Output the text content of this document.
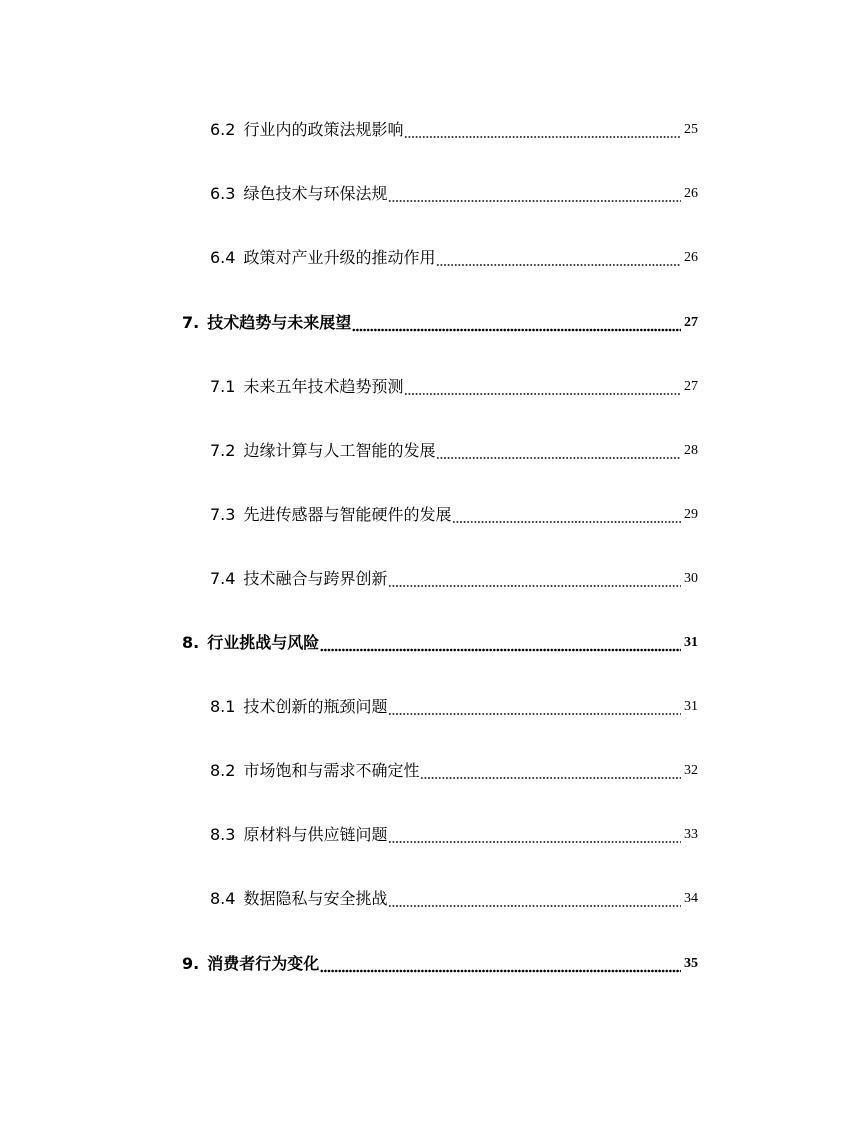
6.2 行业内的政策法规影响	25
6.3 绿色技术与环保法规	26
6.4 政策对产业升级的推动作用	26
7. 技术趋势与未来展望	27
7.1 未来五年技术趋势预测	27
7.2 边缘计算与人工智能的发展	28
7.3 先进传感器与智能硬件的发展	29
7.4 技术融合与跨界创新	30
8. 行业挑战与风险	31
8.1 技术创新的瓶颈问题	31
8.2 市场饱和与需求不确定性	32
8.3 原材料与供应链问题	33
8.4 数据隐私与安全挑战	34
9. 消费者行为变化	35
